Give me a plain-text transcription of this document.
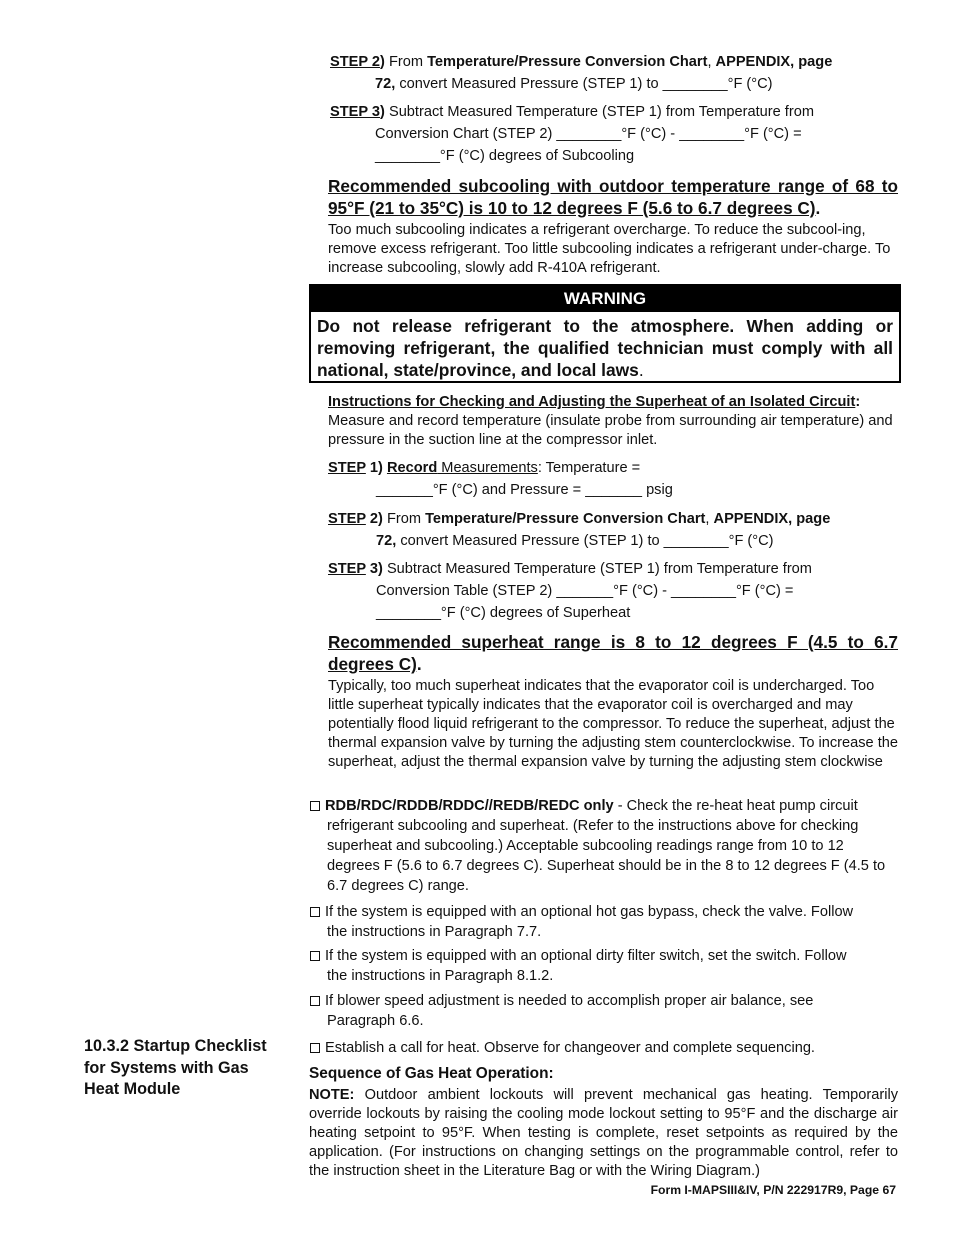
STEP 2) From Temperature/Pressure Conversion Chart, APPENDIX, page
72, convert Measured Pressure (STEP 1) to ________°F (°C)
STEP 3) Subtract Measured Temperature (STEP 1) from Temperature from
Conversion Chart (STEP 2) ________°F (°C) - ________°F (°C) =
________°F (°C) degrees of Subcooling
Recommended subcooling with outdoor temperature range of 68 to 95°F (21 to 35°C) is 10 to 12 degrees F (5.6 to 6.7 degrees C).
Too much subcooling indicates a refrigerant overcharge. To reduce the subcool-ing, remove excess refrigerant. Too little subcooling indicates a refrigerant under-charge. To increase subcooling, slowly add R-410A refrigerant.
WARNING
Do not release refrigerant to the atmosphere. When adding or removing refrigerant, the qualified technician must comply with all national, state/province, and local laws.
Instructions for Checking and Adjusting the Superheat of an Isolated Circuit:
Measure and record temperature (insulate probe from surrounding air temperature) and pressure in the suction line at the compressor inlet.
STEP 1) Record Measurements: Temperature =
_______°F (°C) and Pressure = _______ psig
STEP 2) From Temperature/Pressure Conversion Chart, APPENDIX, page
72, convert Measured Pressure (STEP 1) to ________°F (°C)
STEP 3) Subtract Measured Temperature (STEP 1) from Temperature from
Conversion Table (STEP 2) _______°F (°C) - ________°F (°C) =
________°F (°C) degrees of Superheat
Recommended superheat range is 8 to 12 degrees F (4.5 to 6.7 degrees C).
Typically, too much superheat indicates that the evaporator coil is undercharged. Too little superheat typically indicates that the evaporator coil is overcharged and may potentially flood liquid refrigerant to the compressor. To reduce the superheat, adjust the thermal expansion valve by turning the adjusting stem counterclockwise. To increase the superheat, adjust the thermal expansion valve by turning the adjusting stem clockwise
RDB/RDC/RDDB/RDDC//REDB/REDC only - Check the re-heat heat pump circuit
refrigerant subcooling and superheat. (Refer to the instructions above for checking superheat and subcooling.) Acceptable subcooling readings range from 10 to 12 degrees F (5.6 to 6.7 degrees C). Superheat should be in the 8 to 12 degrees F (4.5 to 6.7 degrees C) range.
If the system is equipped with an optional hot gas bypass, check the valve. Follow
the instructions in Paragraph 7.7.
If the system is equipped with an optional dirty filter switch, set the switch. Follow
the instructions in Paragraph 8.1.2.
If blower speed adjustment is needed to accomplish proper air balance, see
Paragraph 6.6.
10.3.2 Startup Checklist for Systems with Gas Heat Module
Establish a call for heat. Observe for changeover and complete sequencing.
Sequence of Gas Heat Operation:
NOTE: Outdoor ambient lockouts will prevent mechanical gas heating. Temporarily override lockouts by raising the cooling mode lockout setting to 95°F and the discharge air heating setpoint to 95°F. When testing is complete, reset setpoints as required by the application. (For instructions on changing settings on the programmable control, refer to the instruction sheet in the Literature Bag or with the Wiring Diagram.)
Form I-MAPSIII&IV, P/N 222917R9, Page 67
